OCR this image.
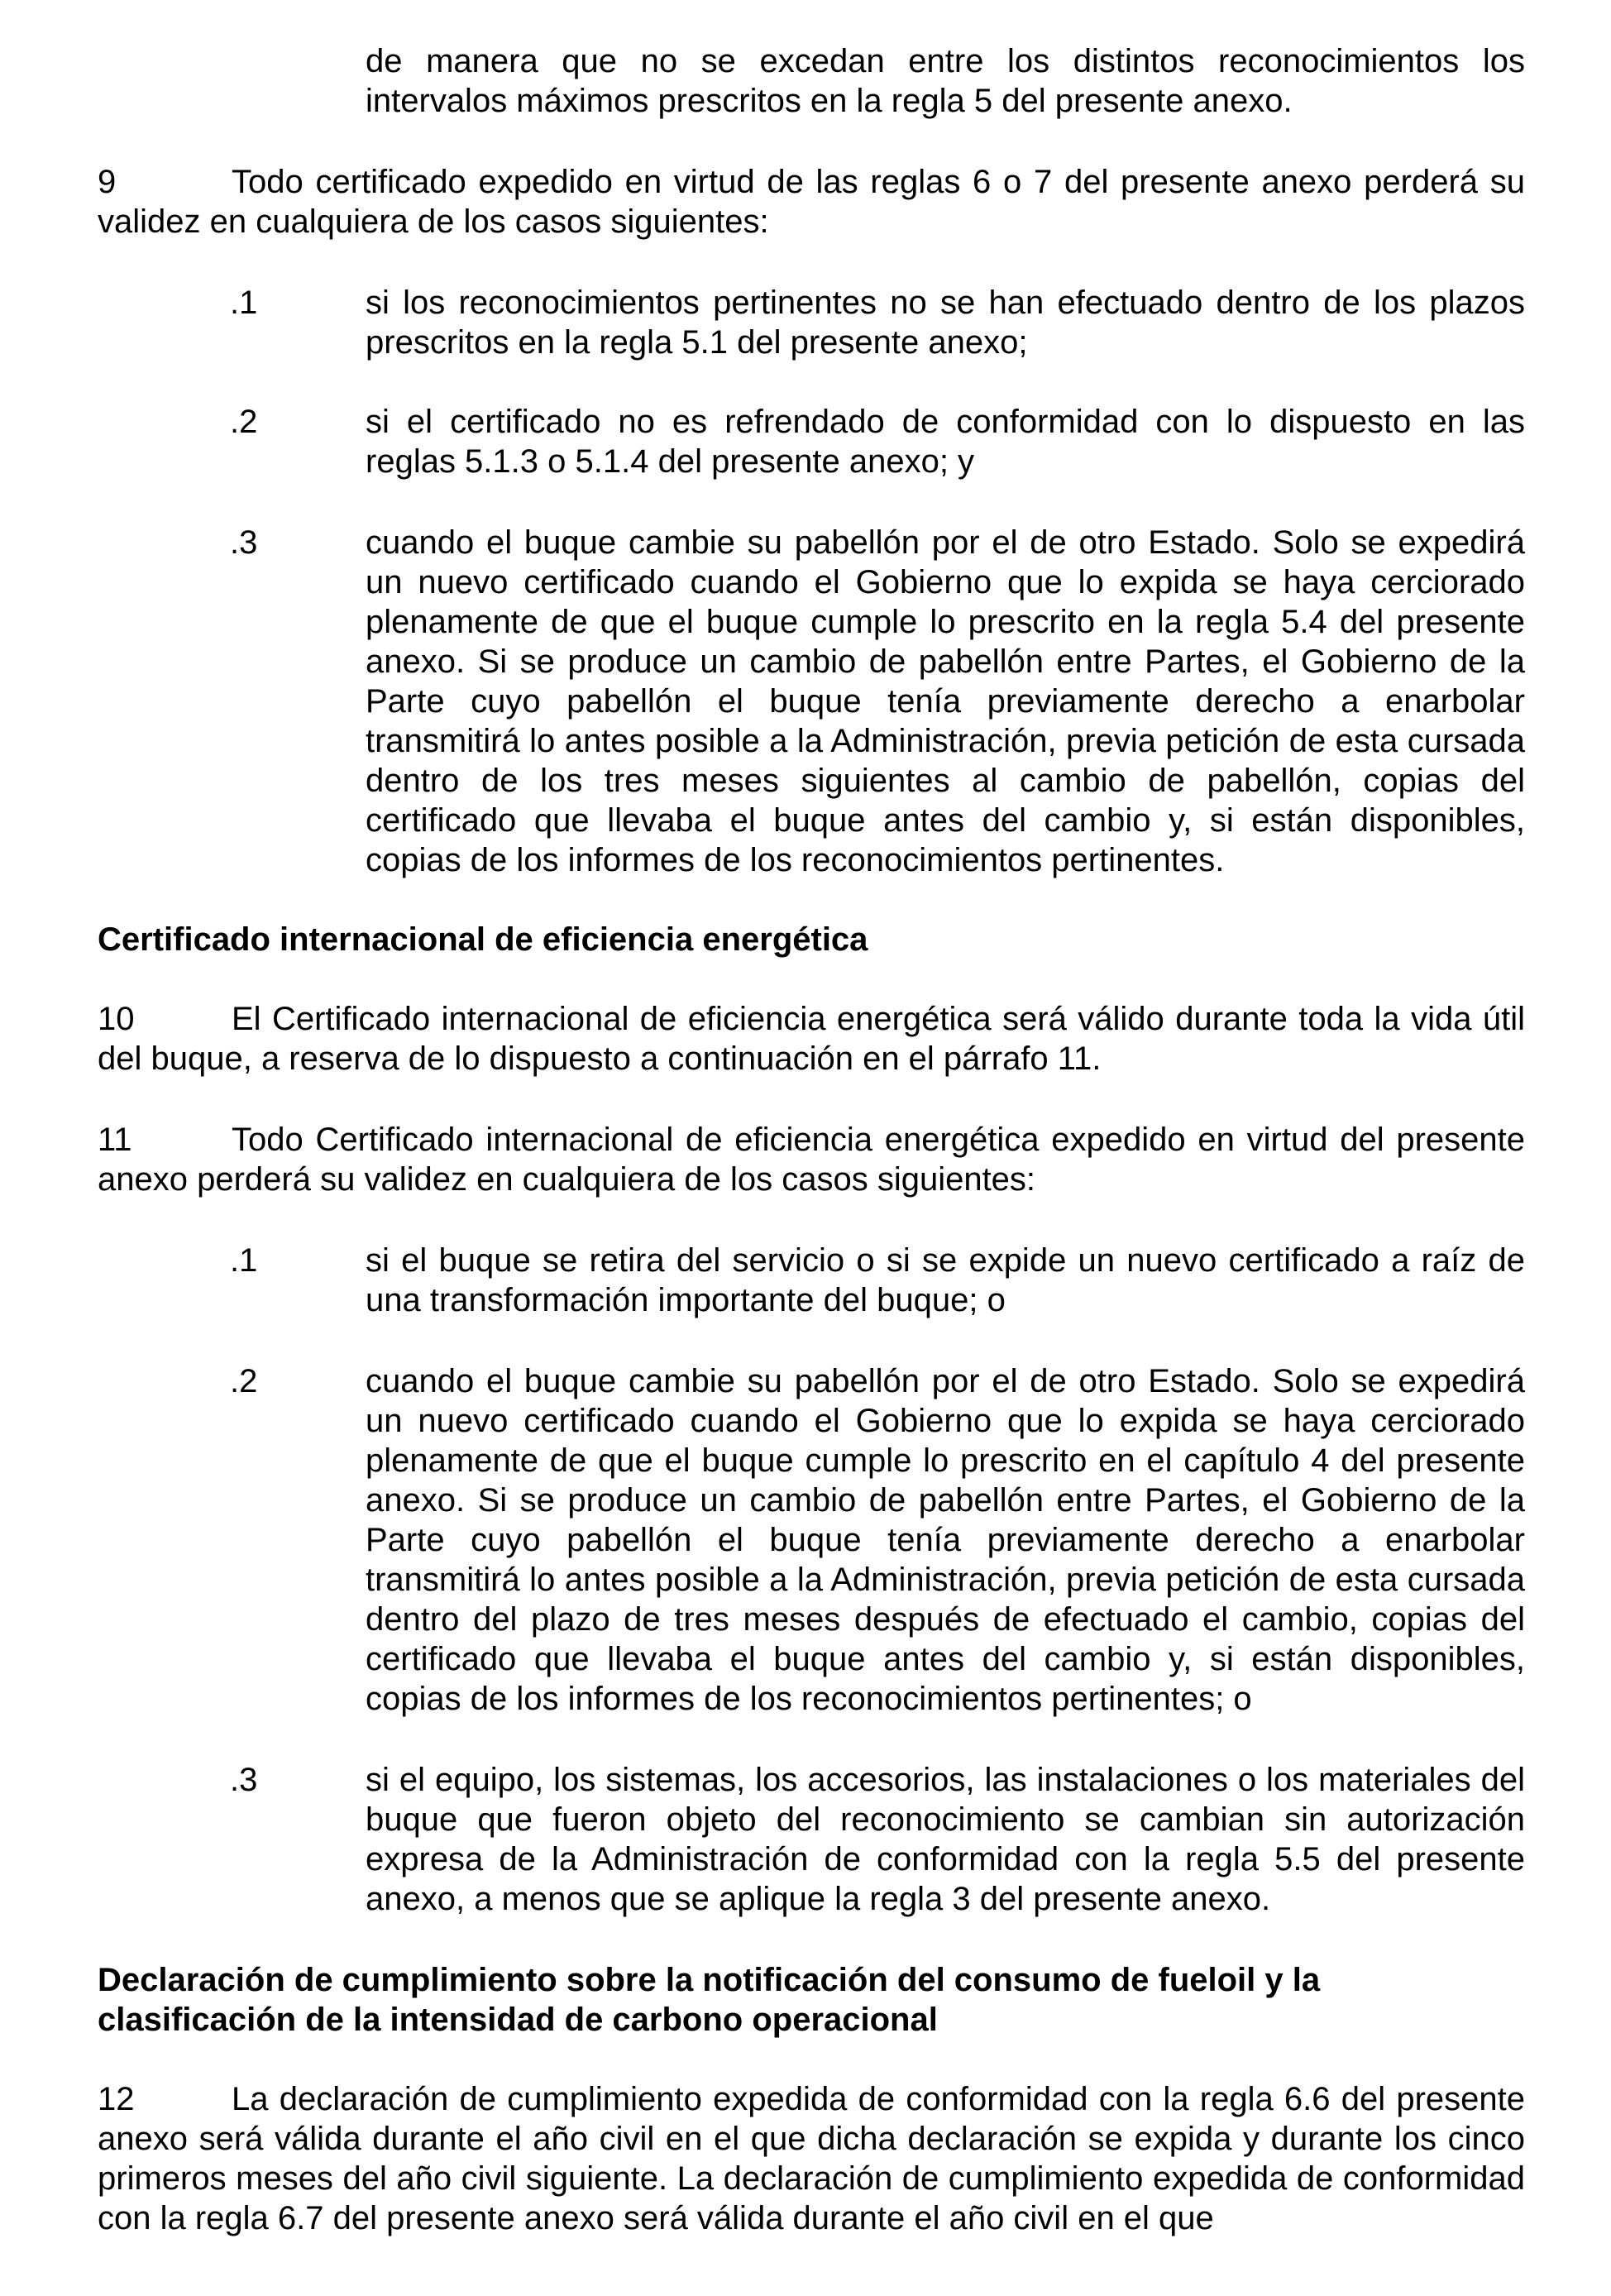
de manera que no se excedan entre los distintos reconocimientos los intervalos máximos prescritos en la regla 5 del presente anexo.

9	Todo certificado expedido en virtud de las reglas 6 o 7 del presente anexo perderá su validez en cualquiera de los casos siguientes:

.1	si los reconocimientos pertinentes no se han efectuado dentro de los plazos prescritos en la regla 5.1 del presente anexo;
.2	si el certificado no es refrendado de conformidad con lo dispuesto en las reglas 5.1.3 o 5.1.4 del presente anexo; y
.3	cuando el buque cambie su pabellón por el de otro Estado. Solo se expedirá un nuevo certificado cuando el Gobierno que lo expida se haya cerciorado plenamente de que el buque cumple lo prescrito en la regla 5.4 del presente anexo. Si se produce un cambio de pabellón entre Partes, el Gobierno de la Parte cuyo pabellón el buque tenía previamente derecho a enarbolar transmitirá lo antes posible a la Administración, previa petición de esta cursada dentro de los tres meses siguientes al cambio de pabellón, copias del certificado que llevaba el buque antes del cambio y, si están disponibles, copias de los informes de los reconocimientos pertinentes.

Certificado internacional de eficiencia energética

10	El Certificado internacional de eficiencia energética será válido durante toda la vida útil del buque, a reserva de lo dispuesto a continuación en el párrafo 11.

11	Todo Certificado internacional de eficiencia energética expedido en virtud del presente anexo perderá su validez en cualquiera de los casos siguientes:

.1	si el buque se retira del servicio o si se expide un nuevo certificado a raíz de una transformación importante del buque; o
.2	cuando el buque cambie su pabellón por el de otro Estado. Solo se expedirá un nuevo certificado cuando el Gobierno que lo expida se haya cerciorado plenamente de que el buque cumple lo prescrito en el capítulo 4 del presente anexo. Si se produce un cambio de pabellón entre Partes, el Gobierno de la Parte cuyo pabellón el buque tenía previamente derecho a enarbolar transmitirá lo antes posible a la Administración, previa petición de esta cursada dentro del plazo de tres meses después de efectuado el cambio, copias del certificado que llevaba el buque antes del cambio y, si están disponibles, copias de los informes de los reconocimientos pertinentes; o
.3	si el equipo, los sistemas, los accesorios, las instalaciones o los materiales del buque que fueron objeto del reconocimiento se cambian sin autorización expresa de la Administración de conformidad con la regla 5.5 del presente anexo, a menos que se aplique la regla 3 del presente anexo.

Declaración de cumplimiento sobre la notificación del consumo de fueloil y la clasificación de la intensidad de carbono operacional

12	La declaración de cumplimiento expedida de conformidad con la regla 6.6 del presente anexo será válida durante el año civil en el que dicha declaración se expida y durante los cinco primeros meses del año civil siguiente. La declaración de cumplimiento expedida de conformidad con la regla 6.7 del presente anexo será válida durante el año civil en el que
